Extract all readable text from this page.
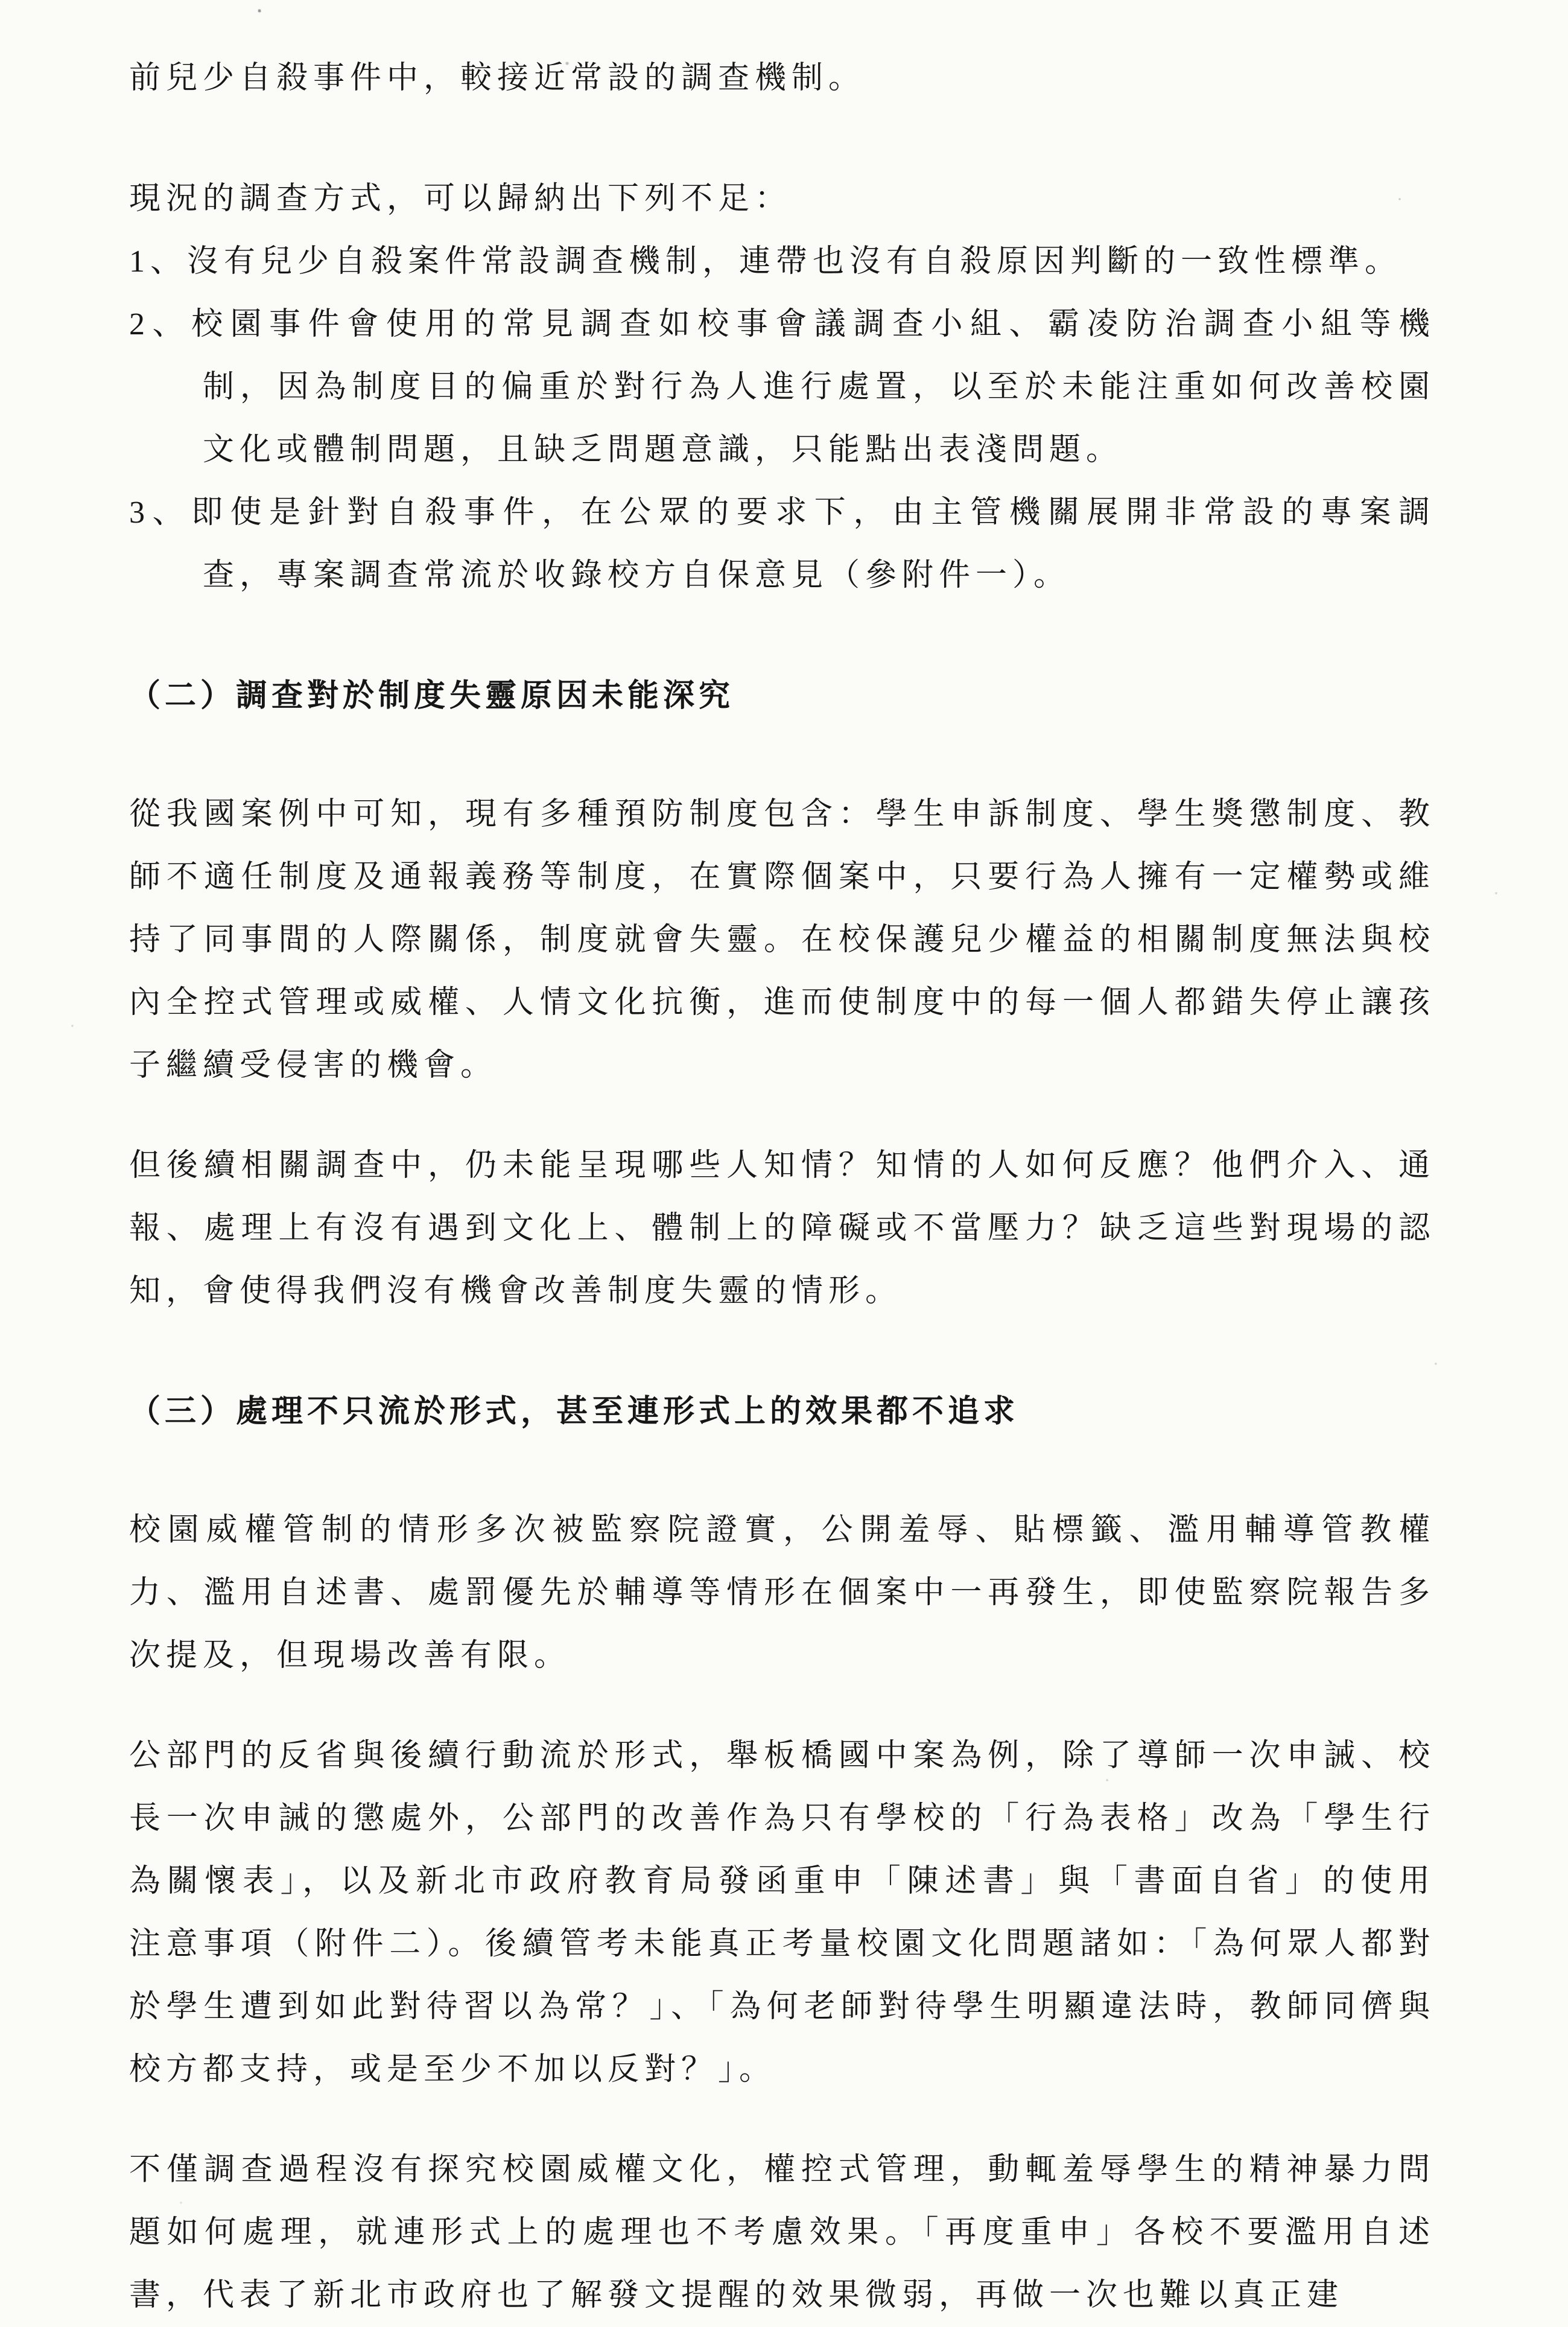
前兒少自殺事件中，較接近常設的調查機制。

現況的調查方式，可以歸納出下列不足：

1、沒有兒少自殺案件常設調查機制，連帶也沒有自殺原因判斷的一致性標準。

2、校園事件會使用的常見調查如校事會議調查小組、霸凌防治調查小組等機制，因為制度目的偏重於對行為人進行處置，以至於未能注重如何改善校園文化或體制問題，且缺乏問題意識，只能點出表淺問題。

3、即使是針對自殺事件，在公眾的要求下，由主管機關展開非常設的專案調查，專案調查常流於收錄校方自保意見（參附件一）。

（二）調查對於制度失靈原因未能深究

從我國案例中可知，現有多種預防制度包含：學生申訴制度、學生獎懲制度、教師不適任制度及通報義務等制度，在實際個案中，只要行為人擁有一定權勢或維持了同事間的人際關係，制度就會失靈。在校保護兒少權益的相關制度無法與校內全控式管理或威權、人情文化抗衡，進而使制度中的每一個人都錯失停止讓孩子繼續受侵害的機會。

但後續相關調查中，仍未能呈現哪些人知情？知情的人如何反應？他們介入、通報、處理上有沒有遇到文化上、體制上的障礙或不當壓力？缺乏這些對現場的認知，會使得我們沒有機會改善制度失靈的情形。

（三）處理不只流於形式，甚至連形式上的效果都不追求

校園威權管制的情形多次被監察院證實，公開羞辱、貼標籤、濫用輔導管教權力、濫用自述書、處罰優先於輔導等情形在個案中一再發生，即使監察院報告多次提及，但現場改善有限。

公部門的反省與後續行動流於形式，舉板橋國中案為例，除了導師一次申誡、校長一次申誡的懲處外，公部門的改善作為只有學校的「行為表格」改為「學生行為關懷表」，以及新北市政府教育局發函重申「陳述書」與「書面自省」的使用注意事項（附件二）。後續管考未能真正考量校園文化問題諸如：「為何眾人都對於學生遭到如此對待習以為常？」、「為何老師對待學生明顯違法時，教師同儕與校方都支持，或是至少不加以反對？」。

不僅調查過程沒有探究校園威權文化，權控式管理，動輒羞辱學生的精神暴力問題如何處理，就連形式上的處理也不考慮效果。「再度重申」各校不要濫用自述書，代表了新北市政府也了解發文提醒的效果微弱，再做一次也難以真正建
